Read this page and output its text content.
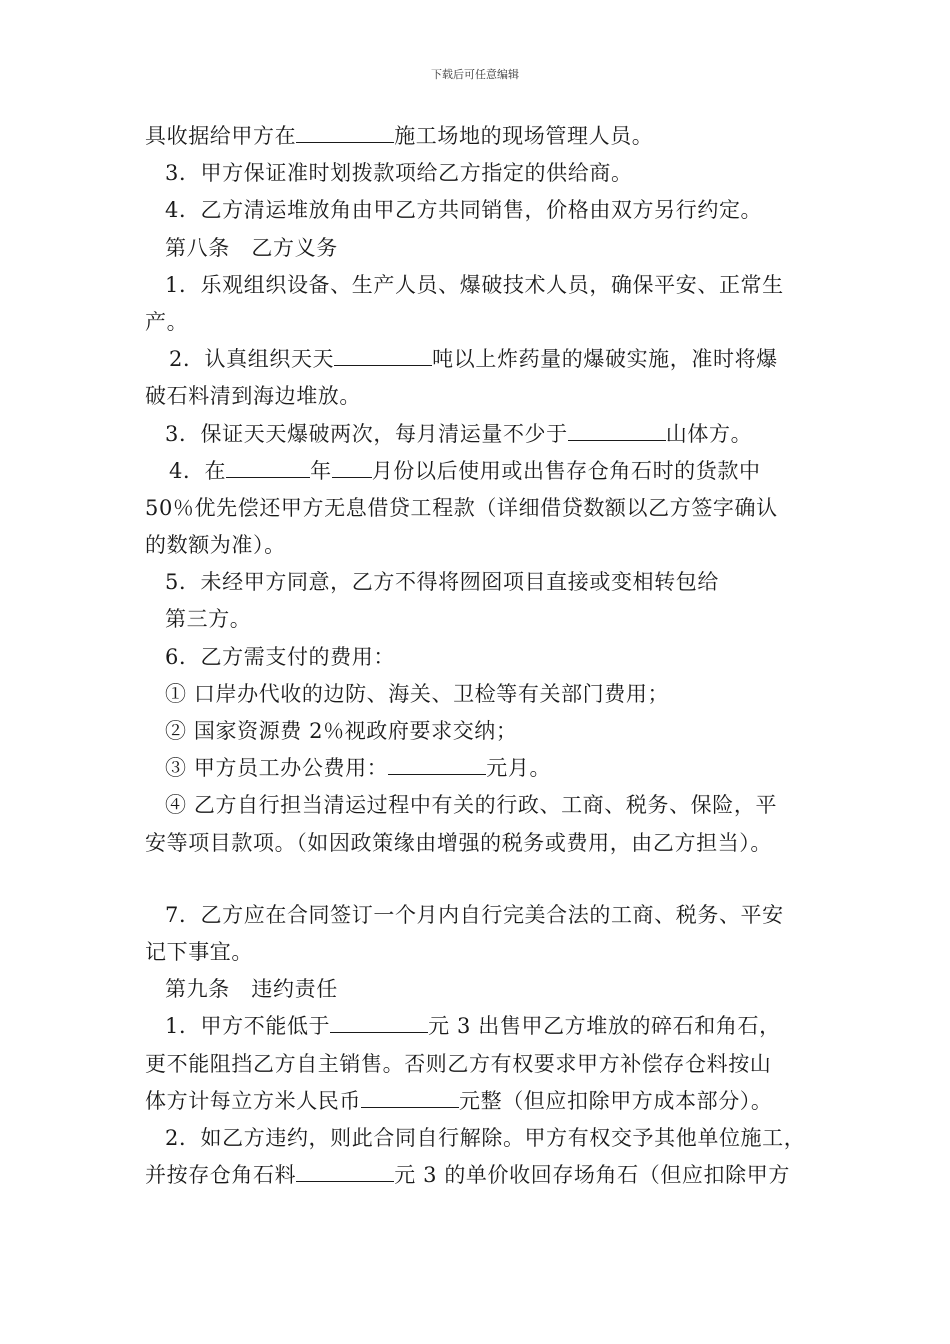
下载后可任意编辑
具收据给甲方在	施工场地的现场管理人员。
3．甲方保证准时划拨款项给乙方指定的供给商。
4．乙方清运堆放角由甲乙方共同销售，价格由双方另行约定。
第八条　乙方义务
1．乐观组织设备、生产人员、爆破技术人员，确保平安、正常生
产。
2．认真组织天天	吨以上炸药量的爆破实施，准时将爆
破石料清到海边堆放。
3．保证天天爆破两次，每月清运量不少于	山体方。
4．在	年 月份以后使用或出售存仓角石时的货款中
50％优先偿还甲方无息借贷工程款（详细借贷数额以乙方签字确认
的数额为准）。
5．未经甲方同意，乙方不得将囫囵项目直接或变相转包给
第三方。
6．乙方需支付的费用：
① 口岸办代收的边防、海关、卫检等有关部门费用；
② 国家资源费 2％视政府要求交纳；
③ 甲方员工办公费用：	元月。
④ 乙方自行担当清运过程中有关的行政、工商、税务、保险，平
安等项目款项。（如因政策缘由增强的税务或费用，由乙方担当）。
7．乙方应在合同签订一个月内自行完美合法的工商、税务、平安
记下事宜。
第九条　违约责任
1．甲方不能低于	元 3 出售甲乙方堆放的碎石和角石，
更不能阻挡乙方自主销售。否则乙方有权要求甲方补偿存仓料按山
体方计每立方米人民币	元整（但应扣除甲方成本部分）。
2．如乙方违约，则此合同自行解除。甲方有权交予其他单位施工，
并按存仓角石料	元 3 的单价收回存场角石（但应扣除甲方
